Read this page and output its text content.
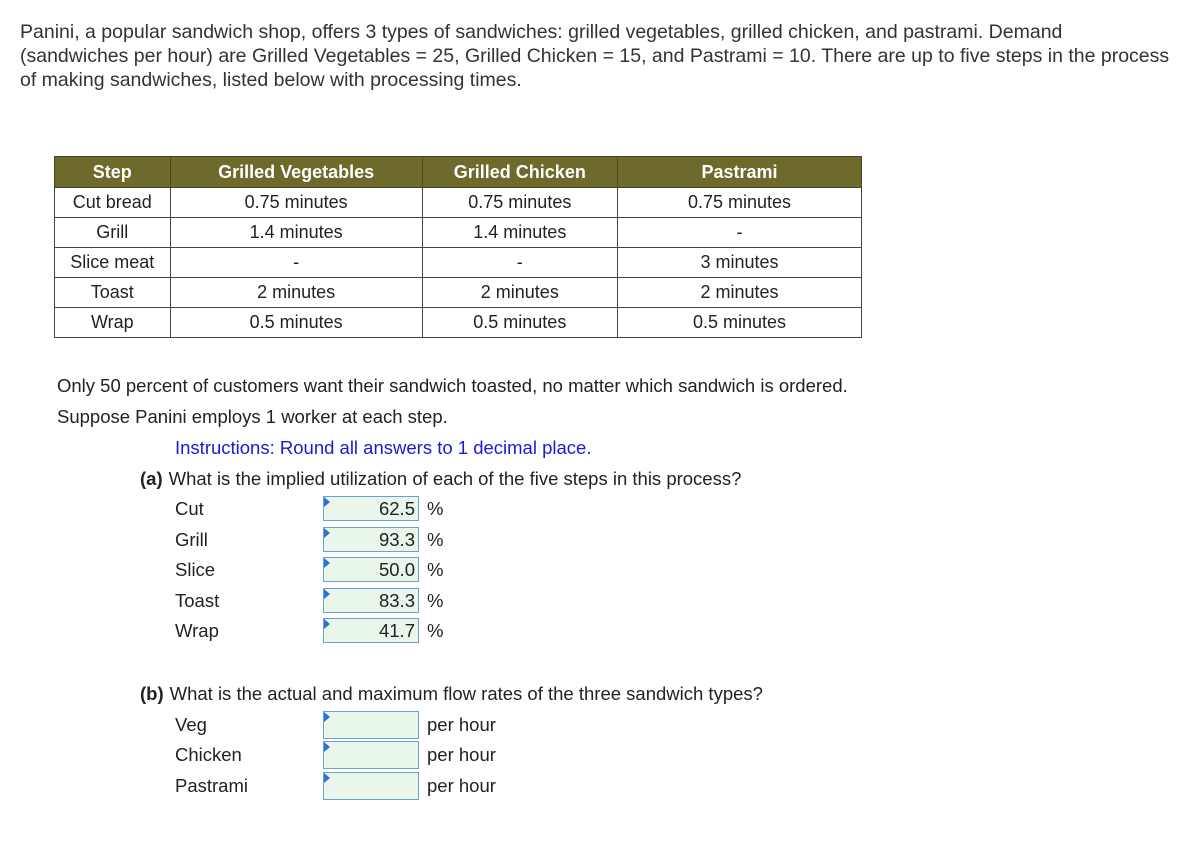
Panini, a popular sandwich shop, offers 3 types of sandwiches: grilled vegetables, grilled chicken, and pastrami. Demand (sandwiches per hour) are Grilled Vegetables = 25, Grilled Chicken = 15, and Pastrami = 10. There are up to five steps in the process of making sandwiches, listed below with processing times.
Step	Grilled Vegetables	Grilled Chicken	Pastrami
Cut bread	0.75 minutes	0.75 minutes	0.75 minutes
Grill	1.4 minutes	1.4 minutes	-
Slice meat	-	-	3 minutes
Toast	2 minutes	2 minutes	2 minutes
Wrap	0.5 minutes	0.5 minutes	0.5 minutes
Only 50 percent of customers want their sandwich toasted, no matter which sandwich is ordered.
Suppose Panini employs 1 worker at each step.
Instructions: Round all answers to 1 decimal place.
(a) What is the implied utilization of each of the five steps in this process?
Cut	62.5 %
Grill	93.3 %
Slice	50.0 %
Toast	83.3 %
Wrap	41.7 %
(b) What is the actual and maximum flow rates of the three sandwich types?
Veg	per hour
Chicken	per hour
Pastrami	per hour
